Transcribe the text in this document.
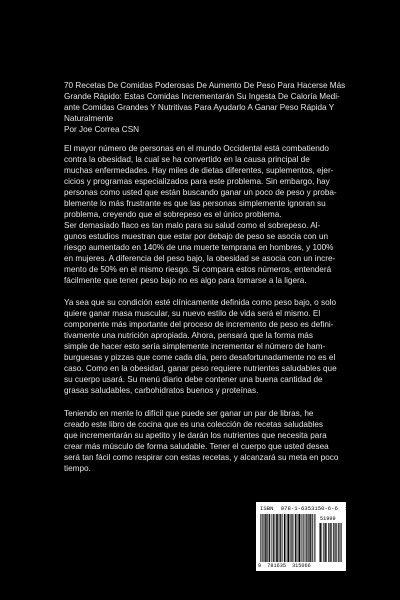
70 Recetas De Comidas Poderosas De Aumento De Peso Para Hacerse Más
Grande Rápido: Estas Comidas Incrementarán Su Ingesta De Caloría Medi-
ante Comidas Grandes Y Nutritivas Para Ayudarlo A Ganar Peso Rápida Y
Naturalmente
Por Joe Correa CSN

El mayor número de personas en el mundo Occidental está combatiendo

contra la obesidad, la cual se ha convertido en la causa principal de

muchas enfermedades. Hay miles de dietas diferentes, suplementos, ejer-

cicios y programas especializados para este problema. Sin embargo, hay

personas como usted que están buscando ganar un poco de peso y proba-

blemente lo más frustrante es que las personas simplemente ignoran su

problema, creyendo que el sobrepeso es el único problema.

Ser demasiado flaco es tan malo para su salud como el sobrepeso. Al-

gunos estudios muestran que estar por debajo de peso se asocia con un

riesgo aumentado en 140% de una muerte temprana en hombres, y 100%

en mujeres. A diferencia del peso bajo, la obesidad se asocia con un incre-

mento de 50% en el mismo riesgo. Si compara estos números, entenderá

fácilmente que tener peso bajo no es algo para tomarse a la ligera.

Ya sea que su condición esté clínicamente definida como peso bajo, o solo

quiere ganar masa muscular, su nuevo estilo de vida será el mismo. El

componente más importante del proceso de incremento de peso es defini-

tivamente una nutrición apropiada. Ahora, pensará que la forma más

simple de hacer esto sería simplemente incrementar el número de ham-

burguesas y pizzas que come cada día, pero desafortunadamente no es el

caso. Como en la obesidad, ganar peso requiere nutrientes saludables que

su cuerpo usará. Su menú diario debe contener una buena cantidad de

grasas saludables, carbohidratos buenos y proteínas.

Teniendo en mente lo difícil que puede ser ganar un par de libras, he

creado este libro de cocina que es una colección de recetas saludables

que incrementarán su apetito y le darán los nutrientes que necesita para

crear más músculo de forma saludable. Tener el cuerpo que usted desea

será tan fácil como respirar con estas recetas, y alcanzará su meta en poco

tiempo.

ISBN 978-1-6353150-6-6 $19.99
51999
9 781635 315066
